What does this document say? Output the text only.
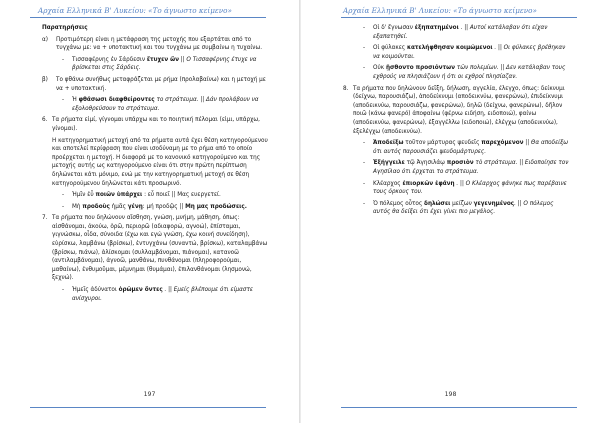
Αρχαία Ελληνικά Β' Λυκείου: «Το άγνωστο κείμενο»
Παρατηρήσεις
α) Προτιμότερη είναι η μετάφραση της μετοχής που εξαρτάται από το τυγχάνω με: να + υποτακτική και του τυγχάνω με συμβαίνω η τυχαίνω.
- Τισσαφέρνης ἐν Σάρδεσιν ἔτυχεν ὤν || Ο Τισσαφέρνης έτυχε να βρίσκεται στις Σάρδεις.
β) Το φθάνω συνήθως μεταφράζεται με ρήμα (προλαβαίνω) και η μετοχή με να + υποτακτική.
- Ἡ φθάσωσι διαφθείροντες το στράτευμα. || Δάν προλάβουν να εξολοθρεύσουν το στράτευμα.
6. Τα ρήματα εἰμί, γίγνομαι υπάρχω και το ποιητική πέλομαι (εἰμι, υπάρχω, γίνομαι).
Η κατηγορηματική μετοχή από τα ρήματα αυτά έχει θέση κατηγορούμενου και αποτελεί περίφραση που είναι ισοδύναμη με το ρήμα από το οποίο προέρχεται η μετοχή. Η διαφορά με το κανονικό κατηγορούμενο και της μετοχής αυτής ως κατηγορούμενο είναι ότι στην πρώτη περίπτωση δηλώνεται κάτι μόνιμο, ενώ με την κατηγορηματική μετοχή σε θέση κατηγορούμενου δηλώνεται κάτι προσωρινό.
- Ἡμῖν ἐὖ ποιῶν ὑπάρχει : εὖ ποιεῖ || Μας ευεργετεί.
- Μὴ προδοὺς ἡμᾶς γένῃ: μή προδῷς || Μη μας προδώσεις.
7. Τα ρήματα που δηλώνουν αἴσθηση, γνώση, μνήμη, μάθηση, όπως: αἰσθάνομαι, ἀκούω, ὁρῶ, περιορῶ (αδιαφορώ, αγνοώ), ἐπίσταμαι, γιγνώσκω, οἶδα, σύνοιδα (έχω και εγώ γνώση, έχω κοινή συνείδηση), εὑρίσκω, λαμβάνω (βρίσκω), ἐντυγχάνω (συναντώ, βρίσκω), καταλαμβάνω (βρίσκω, πιάνω), ἁλίσκομαι (συλλαμβάνομαι, πιάνομαι), κατανοῶ (αντιλαμβάνομαι), ἀγνοῶ, μανθάνω, πυνθάνομαι (πληροφορούμαι, μαθαίνω), ἐνθυμοῦμαι, μέμνημαι (θυμάμαι), ἐπιλανθάνομαι (λησμονώ, ξεχνώ).
- Ἡμεῖς ἀδύνατοι ὁρῶμεν ὄντες . || Εμείς βλέπουμε ότι είμαστε ανίσχυροι.
197
Αρχαία Ελληνικά Β' Λυκείου: «Το άγνωστο κείμενο»
- Οἱ δ' ἔγνωσαν ἐξηπατημένοι . || Αυτοί κατάλαβαν ότι είχαν εξαπατηθεί.
- Οἱ φύλακες κατελήφθησαν κοιμώμενοι . || Οι φύλακες βρέθηκαν να κοιμούνται.
- Οὐκ ᾔσθοντο προσιόντων τῶν πολεμίων. || Δεν κατάλαβαν τους εχθρούς να πλησιάζουν ή ότι οι εχθροί πλησίαζαν.
8. Τα ρήματα που δηλώνουν δεῖξη, δήλωση, αγγελία, έλεγχο, όπως: δείκνυμι (δείχνω, παρουσιάζω), ἀποδείκνυμι (αποδεικνύω, φανερώνω), ἐπιδείκνυμι (αποδεικνύω, παρουσιάζω, φανερώνω), δηλῶ (δείχνω, φανερώνω), δῆλον ποιῶ (κάνω φανερό) ἀποφαίνω (φέρνω ειδήση, ειδοποιώ), φαίνω (αποδεικνύω, φανερώνω), ἐξαγγέλλω (ειδοποιώ), ἐλέγχω (αποδεικνύω), ἐξελέγχω (αποδεικνύω).
- Ἀποδείξω τοῦτον μάρτυρας ψευδεῖς παρεχόμενον || Θα αποδείξω ότι αυτός παρουσιάζει ψευδομάρτυρες.
- Ἐξήγγειλε τῷ Ἀγησιλάῳ προσιὸν τὸ στράτευμα. || Ειδοποίησε τον Αγησίλαο ότι έρχεται το στράτευμα.
- Κλέαρχος ἐπιορκῶν ἐφάνη . || Ο Κλέαρχος φάνηκε πως παρέβαινε τους όρκους του.
- Ὁ πόλεμος οὗτος δηλώσει μείζων γεγενημένος. || Ο πόλεμος αυτός θα δείξει ότι έχει γίνει πιο μεγάλος.
198
